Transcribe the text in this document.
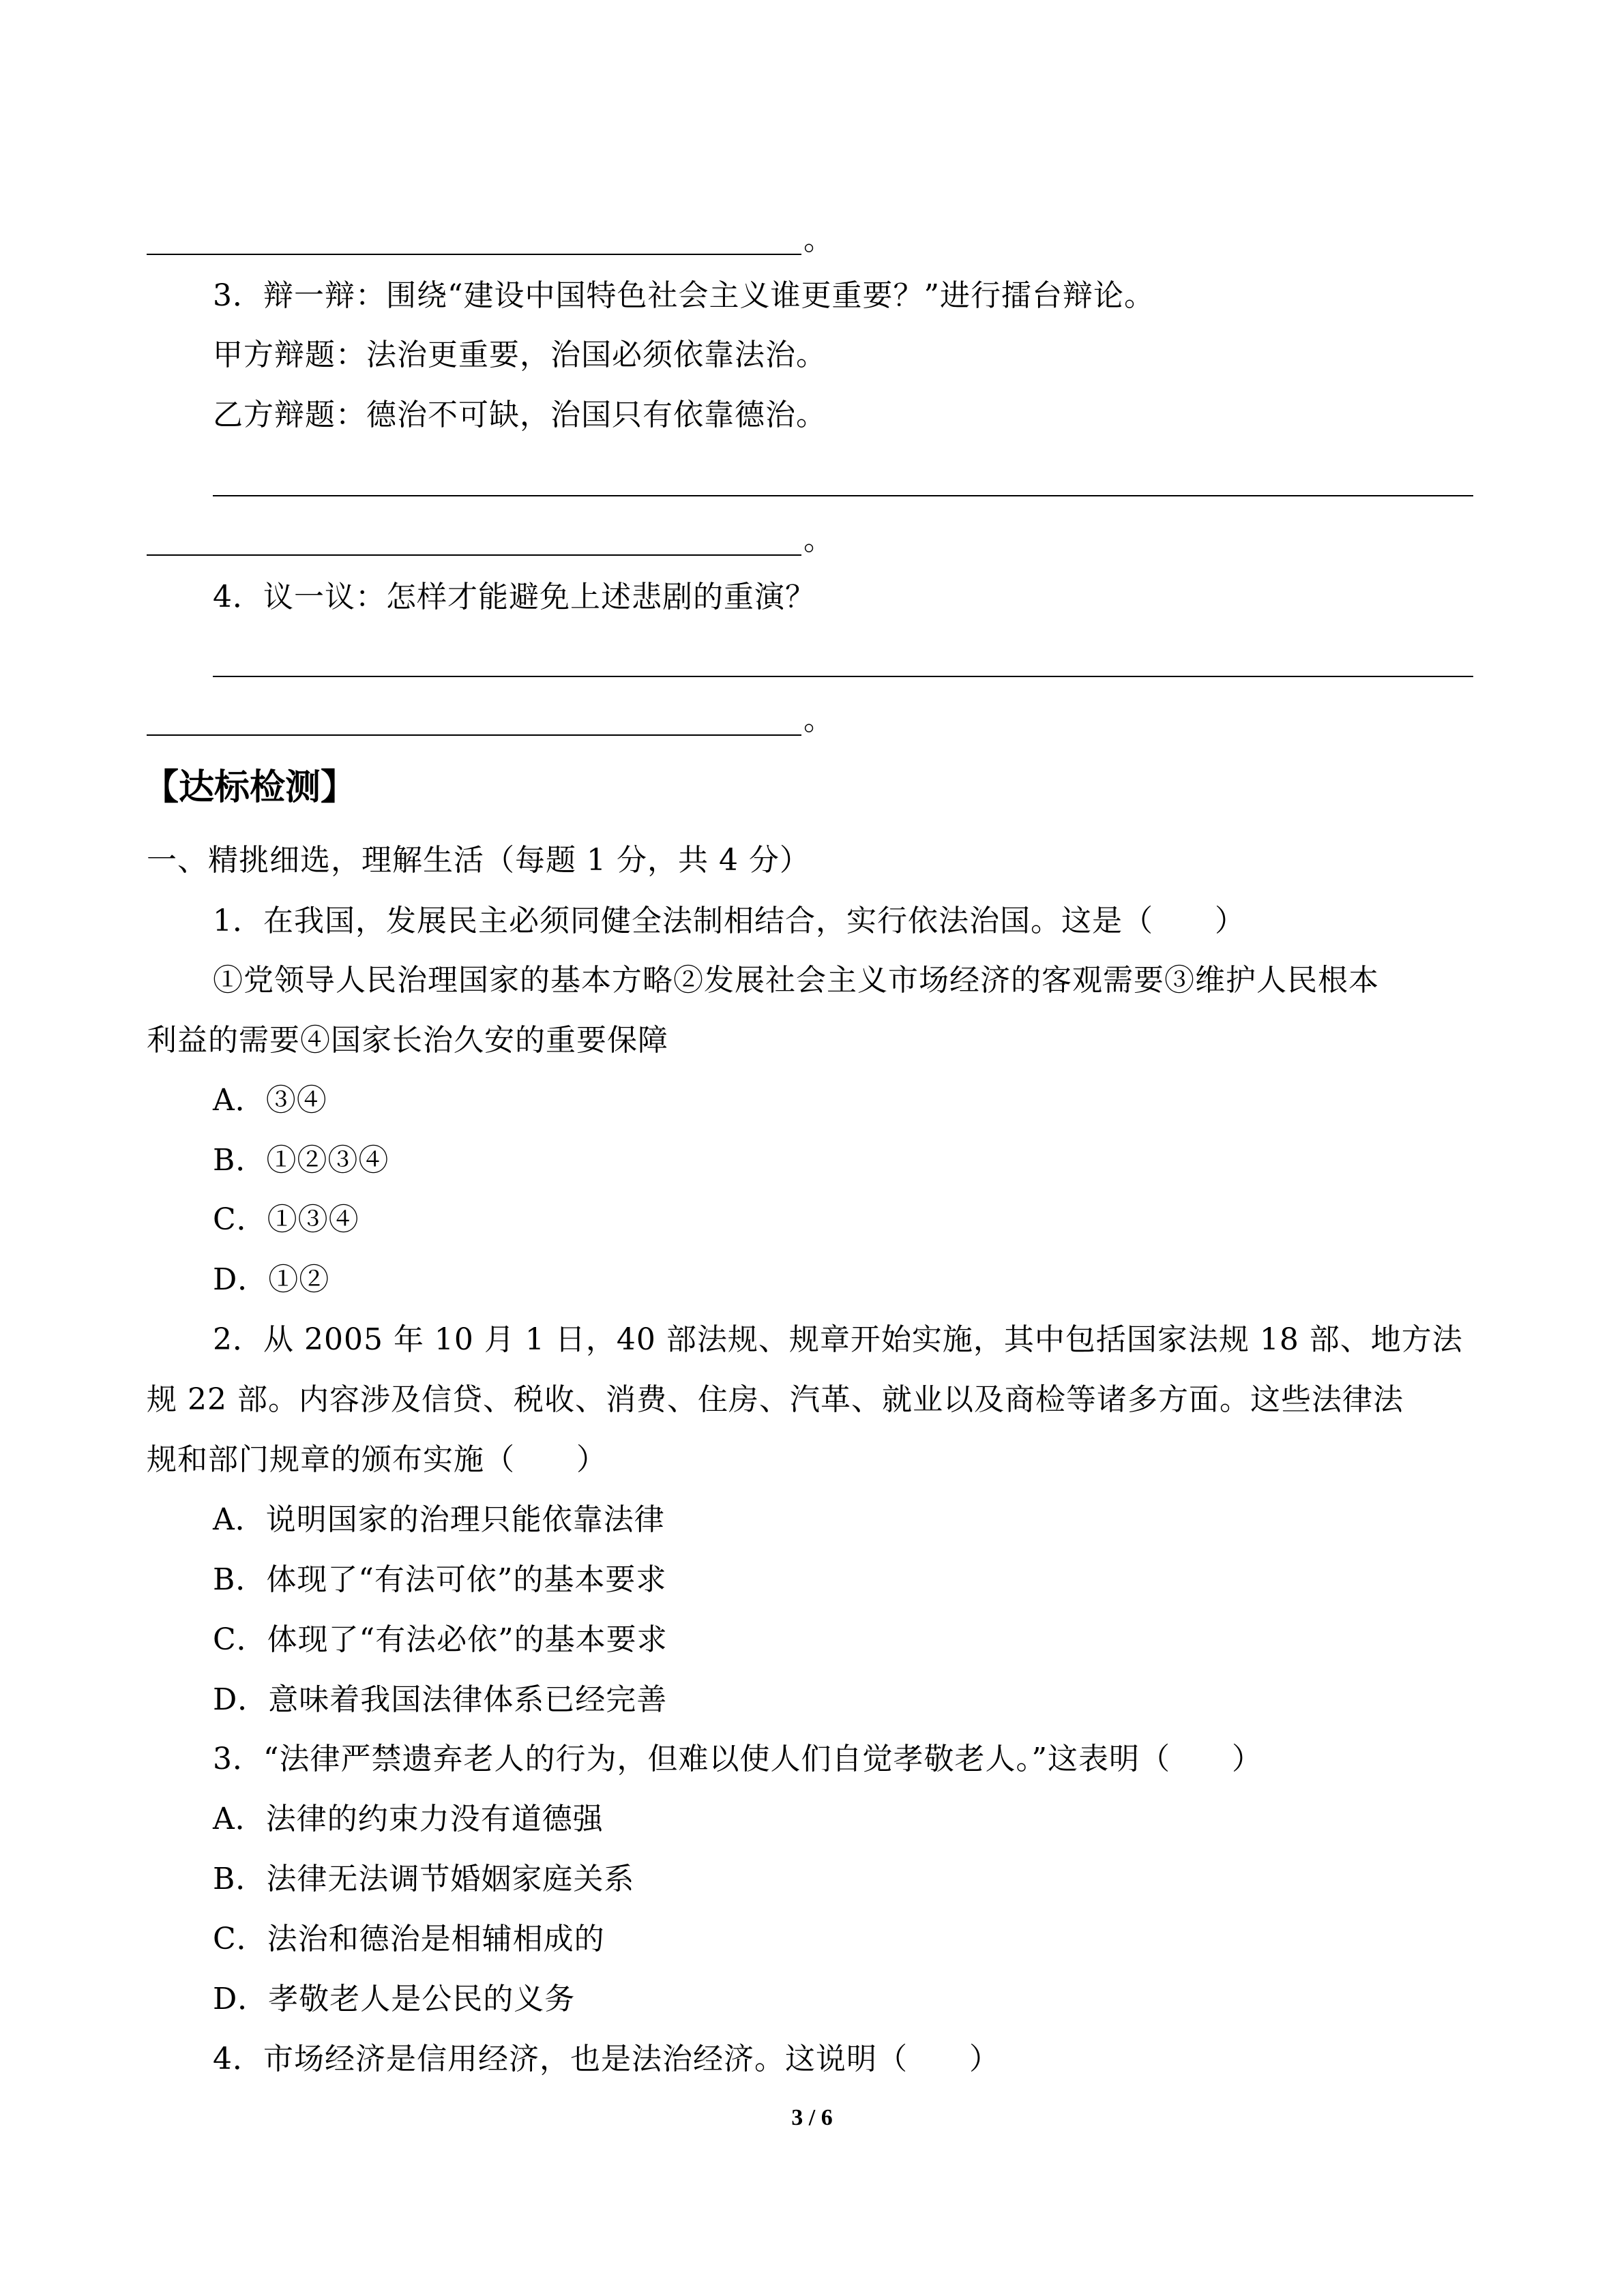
。
3．辩一辩：围绕“建设中国特色社会主义谁更重要？”进行擂台辩论。
甲方辩题：法治更重要，治国必须依靠法治。
乙方辩题：德治不可缺，治国只有依靠德治。
。
4．议一议：怎样才能避免上述悲剧的重演？
。
【达标检测】
一、精挑细选，理解生活（每题 1 分，共 4 分）
1．在我国，发展民主必须同健全法制相结合，实行依法治国。这是（　　）
①党领导人民治理国家的基本方略②发展社会主义市场经济的客观需要③维护人民根本
利益的需要④国家长治久安的重要保障
A．③④
B．①②③④
C．①③④
D．①②
2．从 2005 年 10 月 1 日，40 部法规、规章开始实施，其中包括国家法规 18 部、地方法
规 22 部。内容涉及信贷、税收、消费、住房、汽革、就业以及商检等诸多方面。这些法律法
规和部门规章的颁布实施（　　）
A．说明国家的治理只能依靠法律
B．体现了“有法可依”的基本要求
C．体现了“有法必依”的基本要求
D．意味着我国法律体系已经完善
3．“法律严禁遗弃老人的行为，但难以使人们自觉孝敬老人。”这表明（　　）
A．法律的约束力没有道德强
B．法律无法调节婚姻家庭关系
C．法治和德治是相辅相成的
D．孝敬老人是公民的义务
4．市场经济是信用经济，也是法治经济。这说明（　　）
3 / 6
